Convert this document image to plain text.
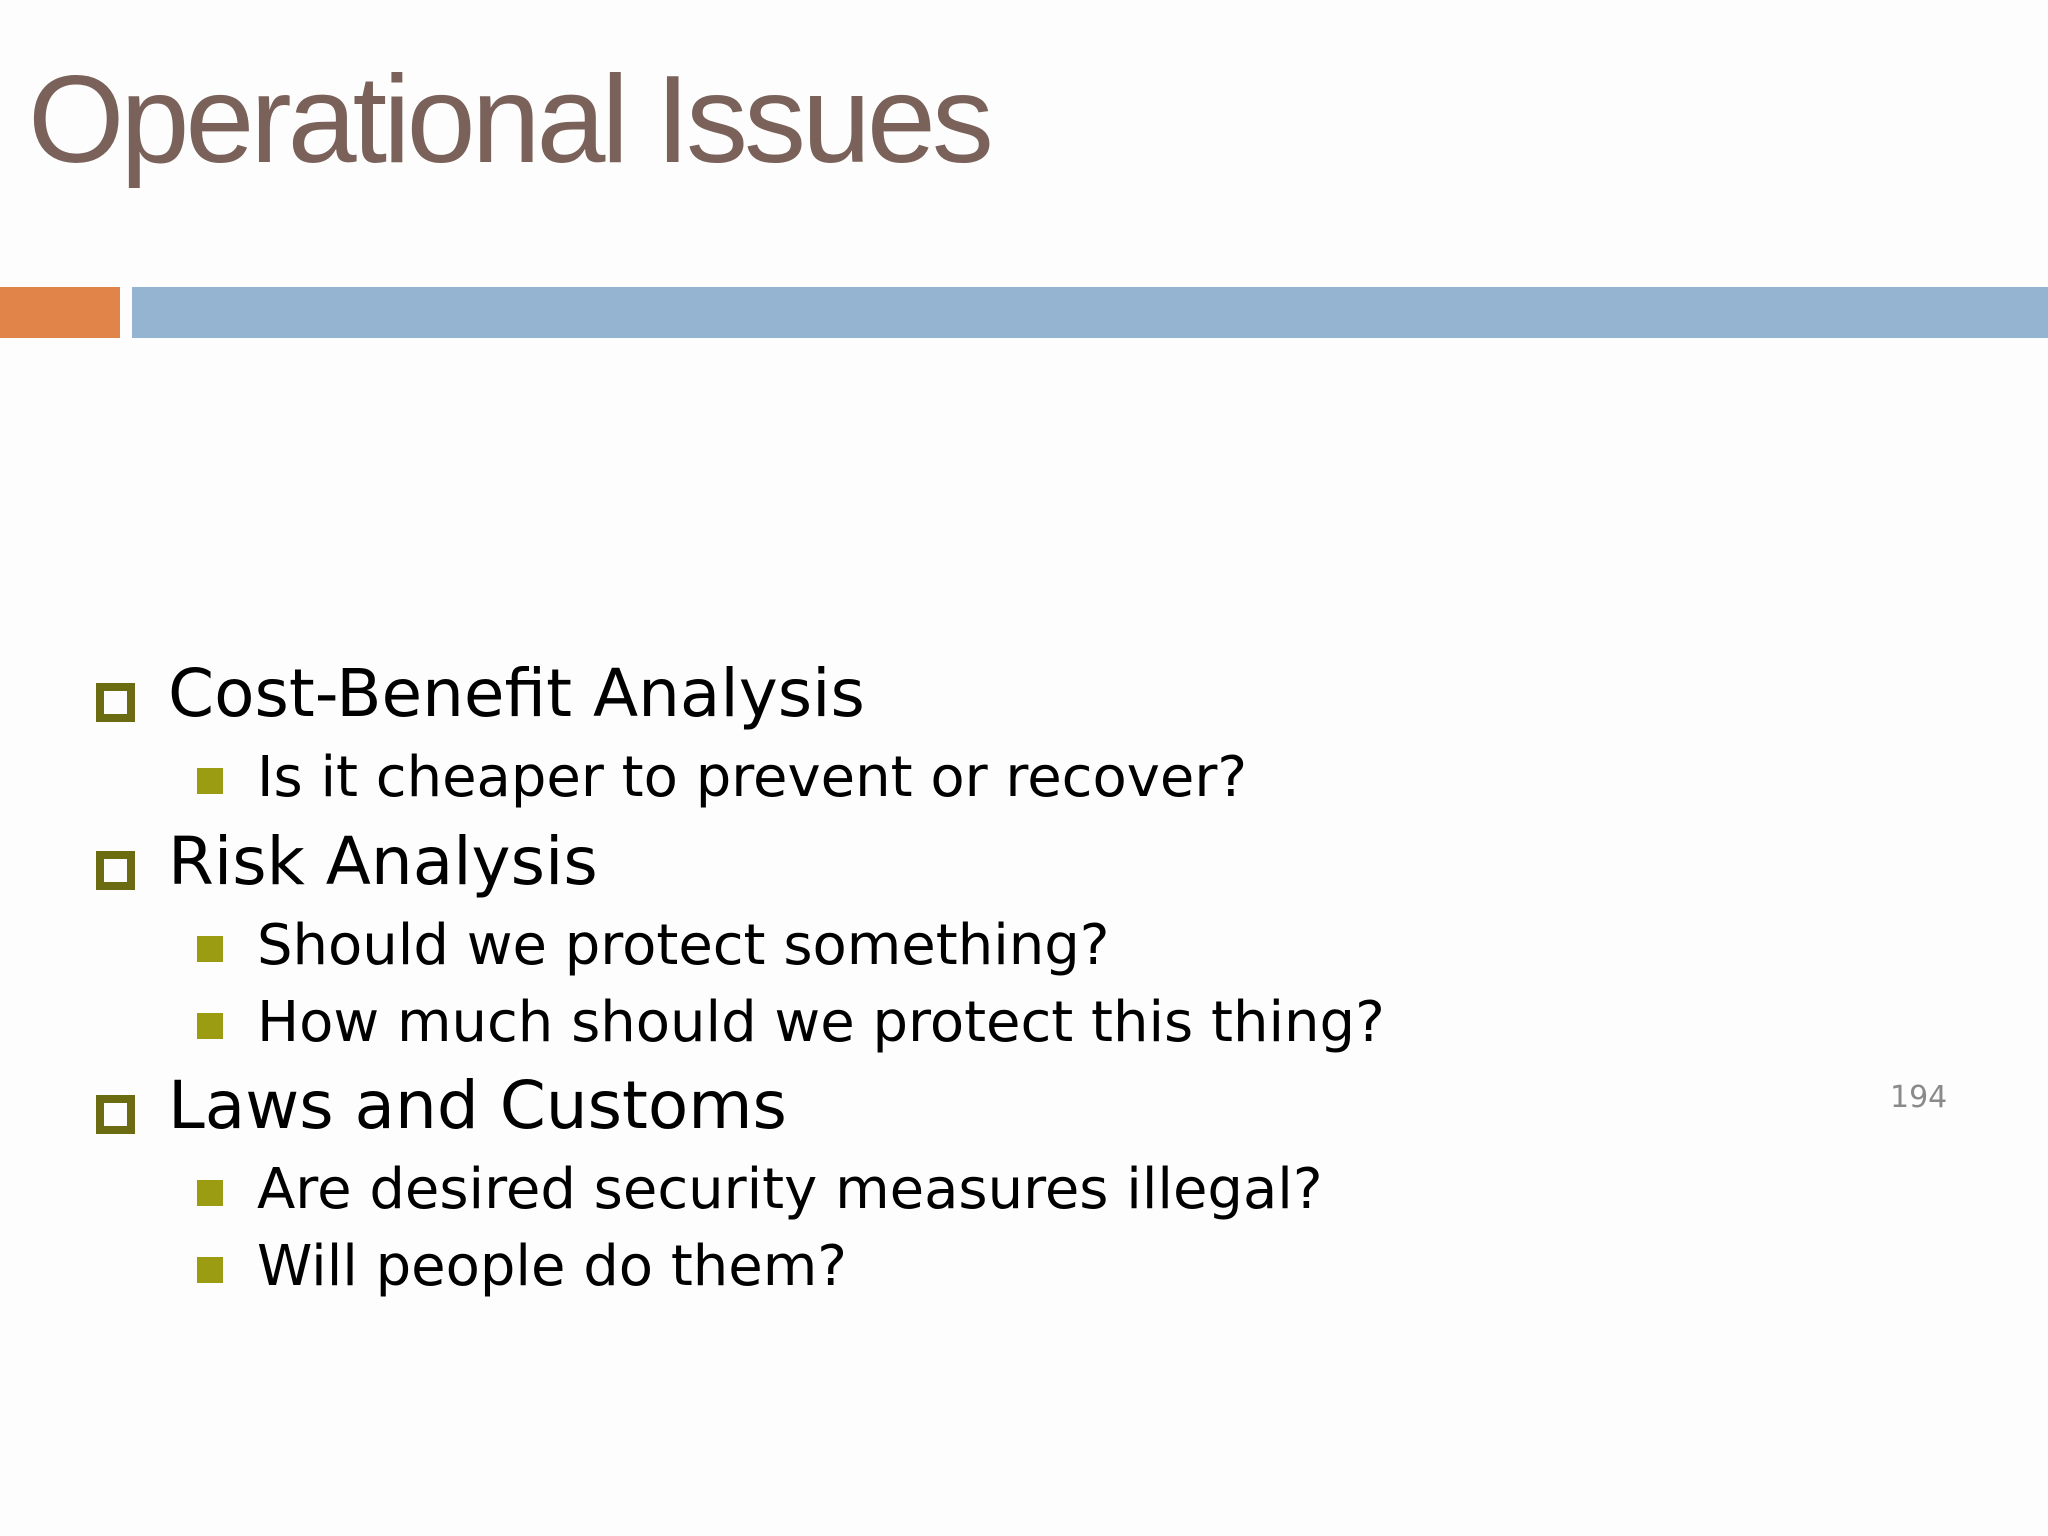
Operational Issues
Cost-Benefit Analysis
Is it cheaper to prevent or recover?
Risk Analysis
Should we protect something?
How much should we protect this thing?
Laws and Customs
Are desired security measures illegal?
Will people do them?
194
